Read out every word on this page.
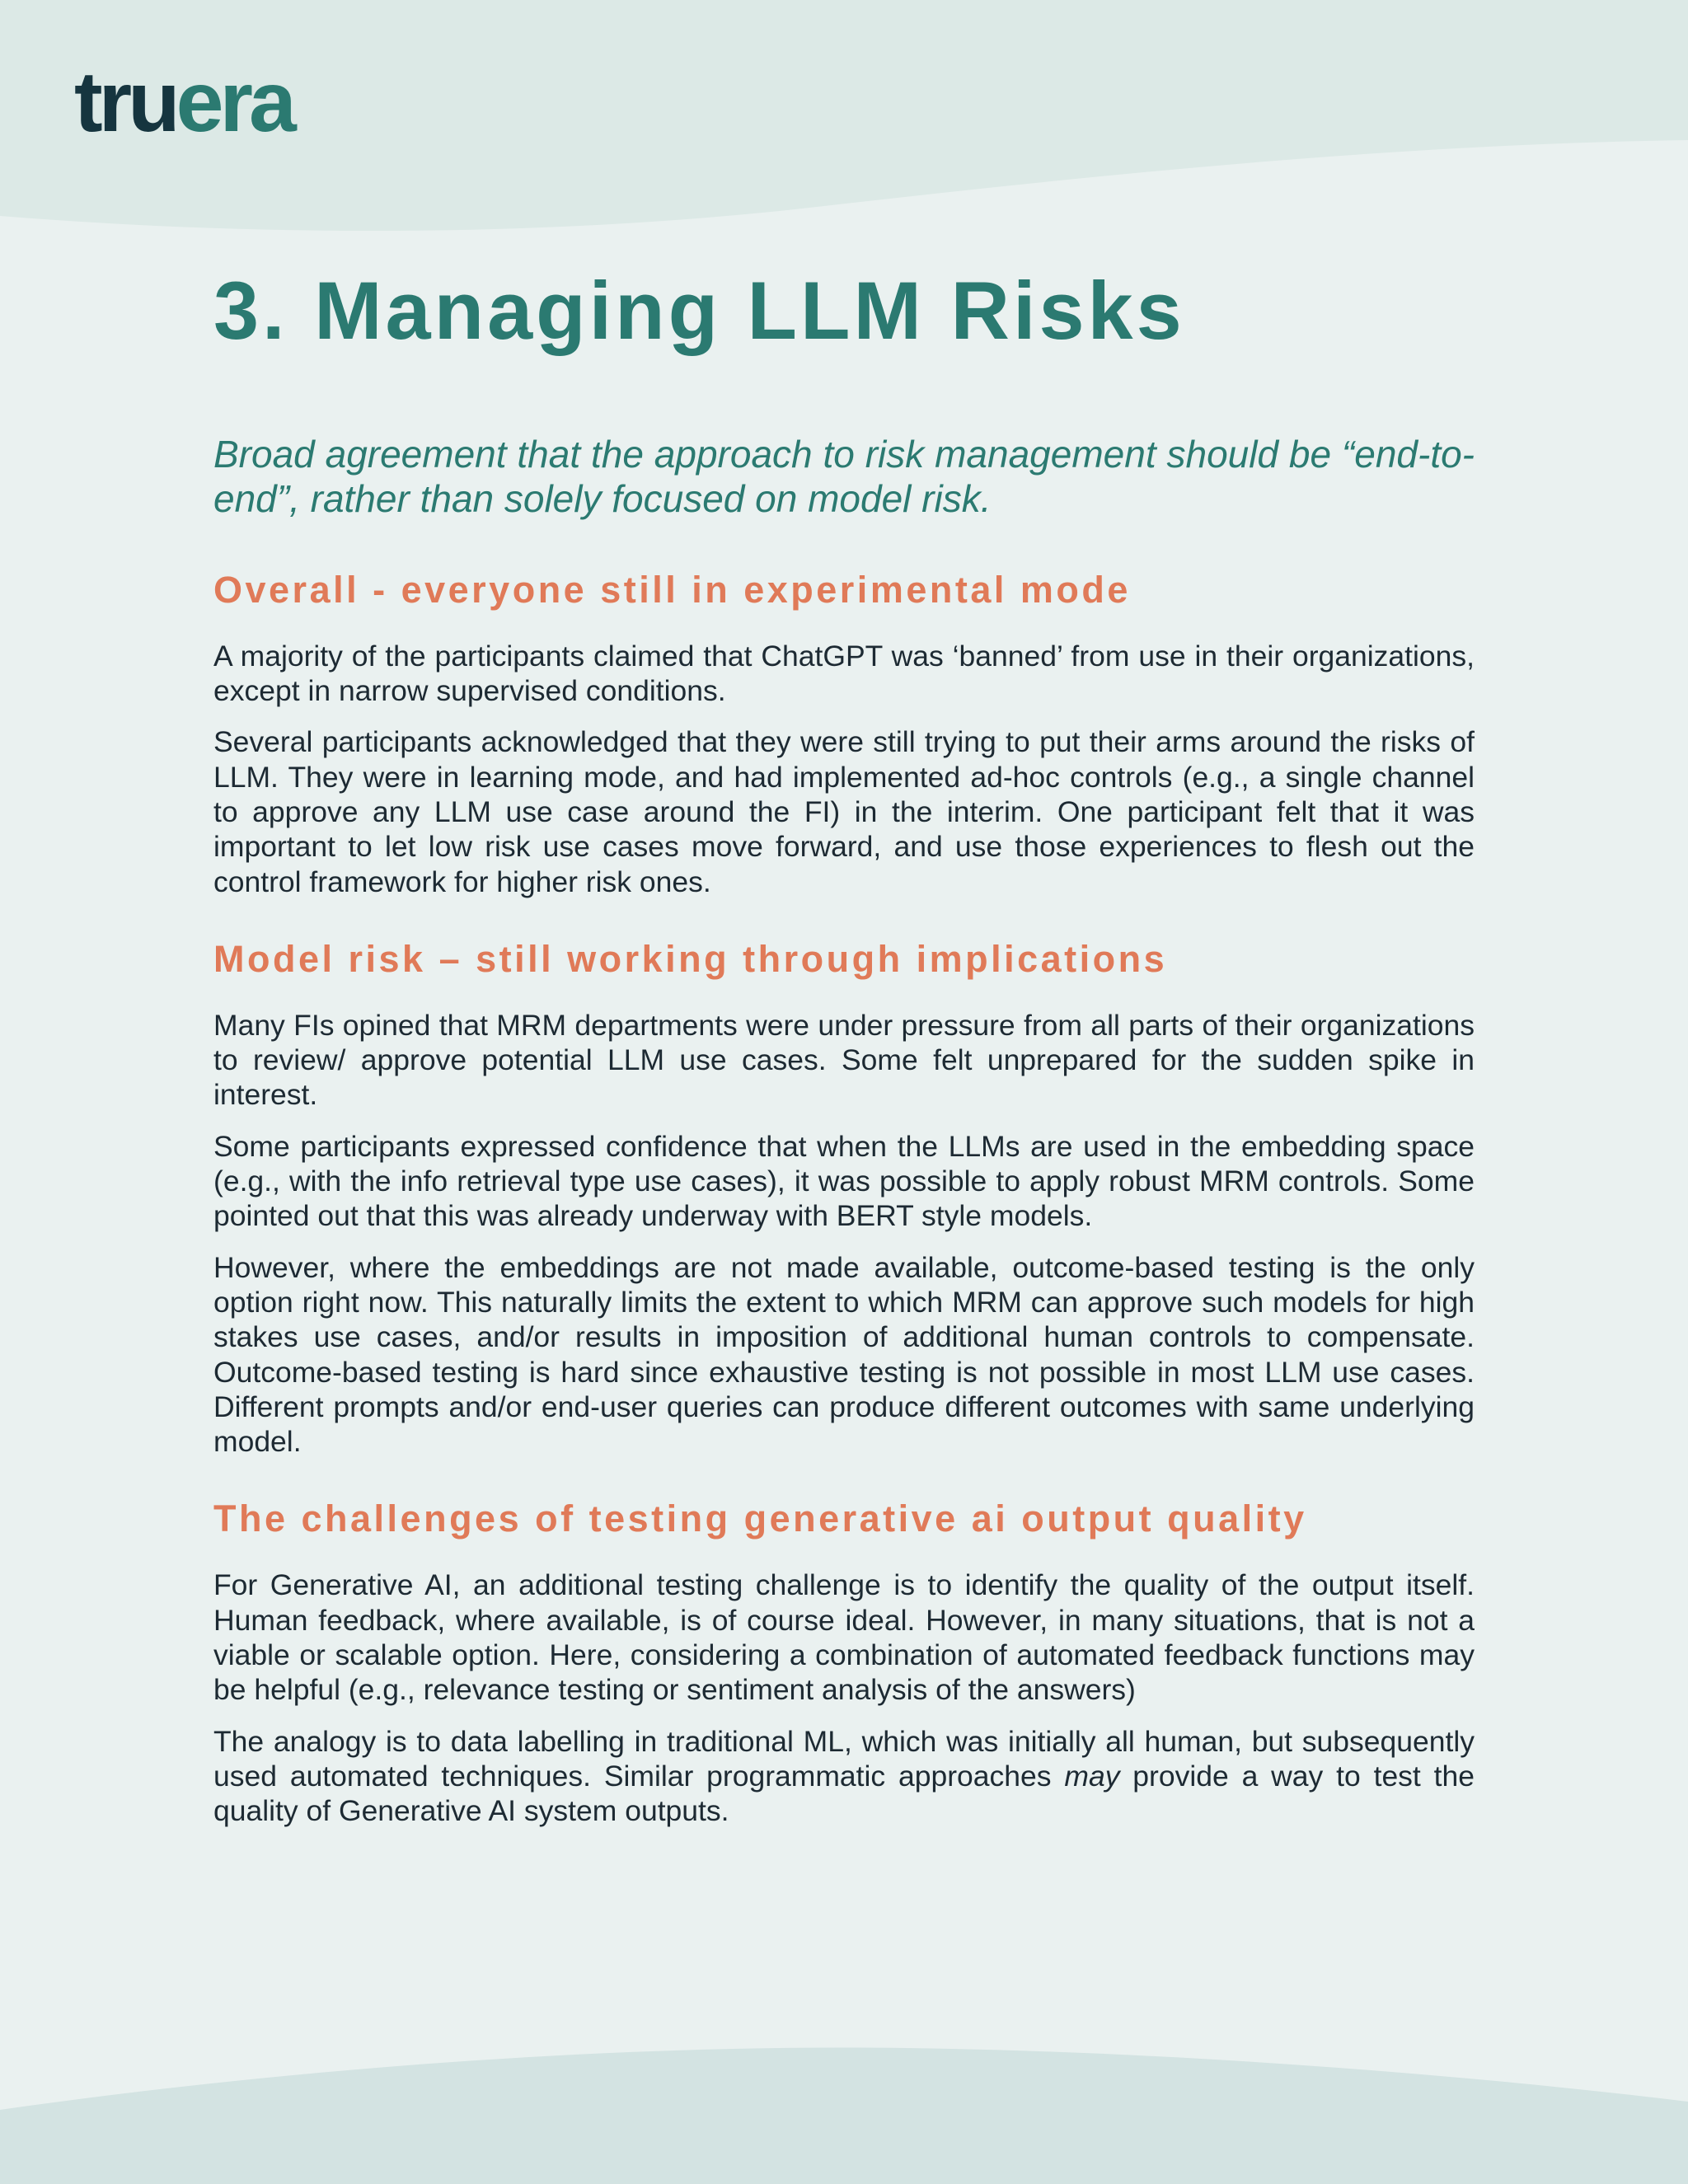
truera
3. Managing LLM Risks

Broad agreement that the approach to risk management should be “end-to-end”, rather than solely focused on model risk.

Overall - everyone still in experimental mode

A majority of the participants claimed that ChatGPT was ‘banned’ from use in their organizations, except in narrow supervised conditions.

Several participants acknowledged that they were still trying to put their arms around the risks of LLM. They were in learning mode, and had implemented ad-hoc controls (e.g., a single channel to approve any LLM use case around the FI) in the interim. One participant felt that it was important to let low risk use cases move forward, and use those experiences to flesh out the control framework for higher risk ones.

Model risk – still working through implications

Many FIs opined that MRM departments were under pressure from all parts of their organizations to review/ approve potential LLM use cases. Some felt unprepared for the sudden spike in interest.

Some participants expressed confidence that when the LLMs are used in the embedding space (e.g., with the info retrieval type use cases), it was possible to apply robust MRM controls. Some pointed out that this was already underway with BERT style models.

However, where the embeddings are not made available, outcome-based testing is the only option right now. This naturally limits the extent to which MRM can approve such models for high stakes use cases, and/or results in imposition of additional human controls to compensate. Outcome-based testing is hard since exhaustive testing is not possible in most LLM use cases. Different prompts and/or end-user queries can produce different outcomes with same underlying model.

The challenges of testing generative ai output quality

For Generative AI, an additional testing challenge is to identify the quality of the output itself. Human feedback, where available, is of course ideal. However, in many situations, that is not a viable or scalable option. Here, considering a combination of automated feedback functions may be helpful (e.g., relevance testing or sentiment analysis of the answers)

The analogy is to data labelling in traditional ML, which was initially all human, but subsequently used automated techniques. Similar programmatic approaches may provide a way to test the quality of Generative AI system outputs.
